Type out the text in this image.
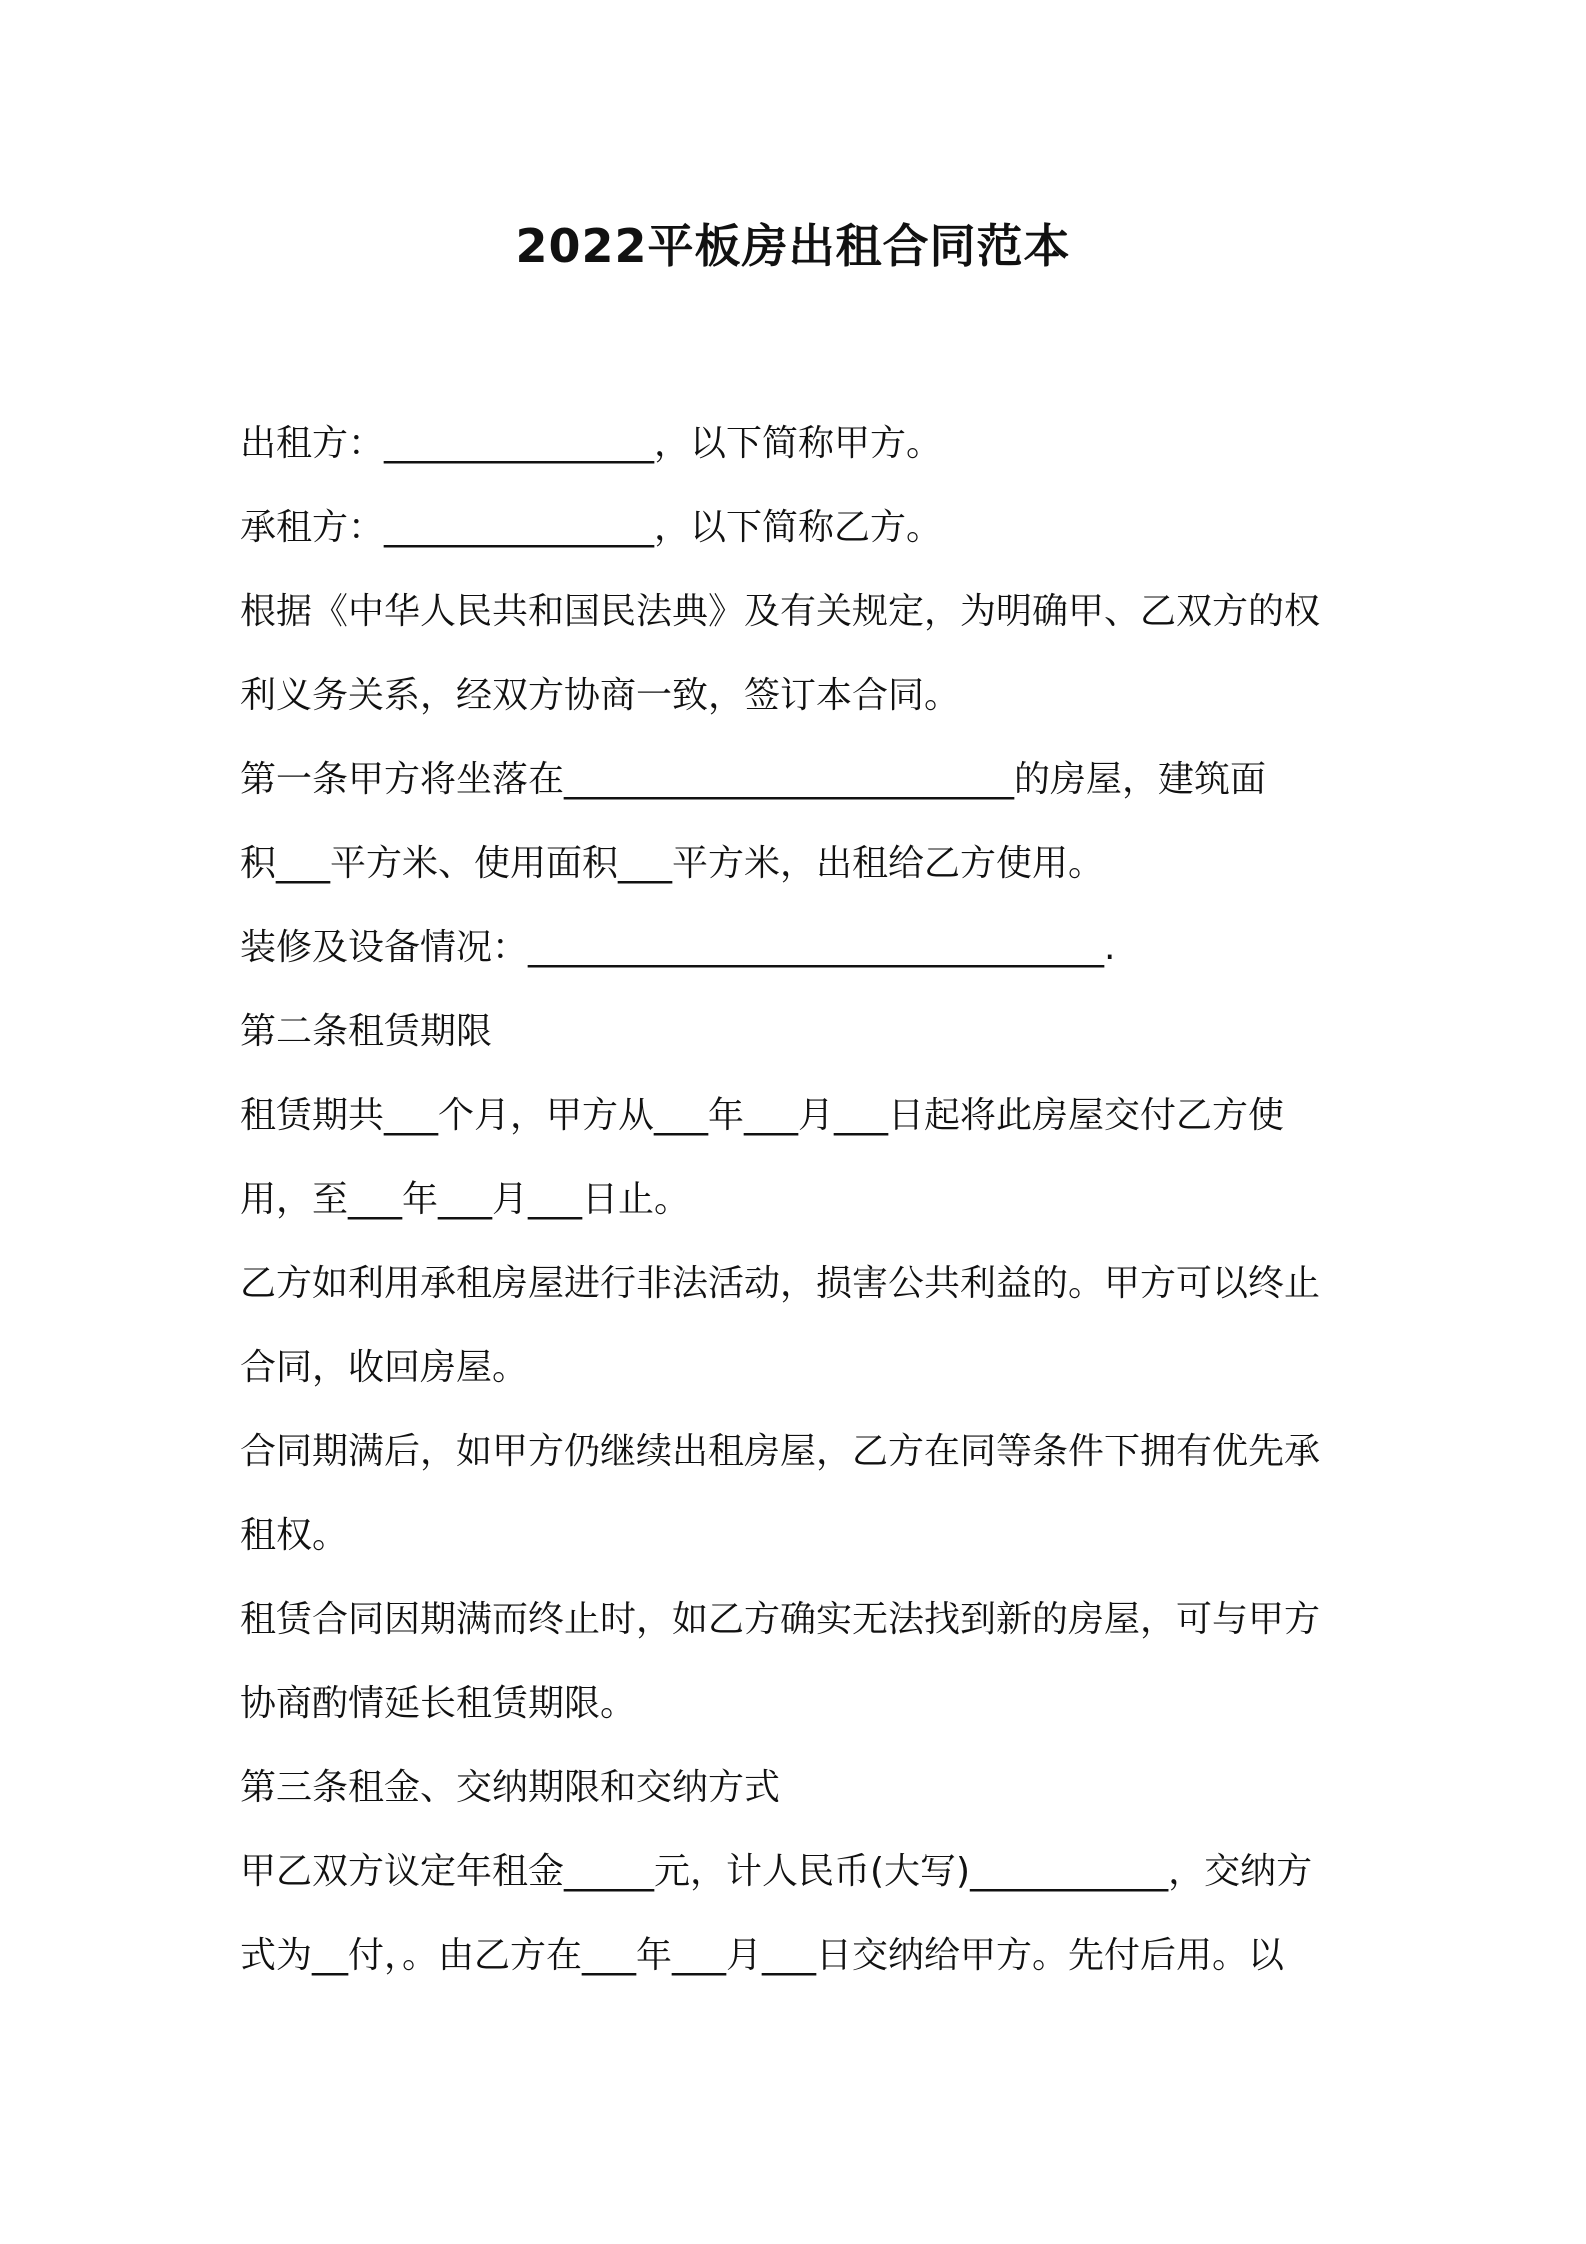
2022平板房出租合同范本
出租方：_______________，以下简称甲方。
承租方：_______________，以下简称乙方。
根据《中华人民共和国民法典》及有关规定，为明确甲、乙双方的权
利义务关系，经双方协商一致，签订本合同。
第一条甲方将坐落在_________________________的房屋，建筑面
积___平方米、使用面积___平方米，出租给乙方使用。
装修及设备情况：________________________________.
第二条租赁期限
租赁期共___个月，甲方从___年___月___日起将此房屋交付乙方使
用，至___年___月___日止。
乙方如利用承租房屋进行非法活动，损害公共利益的。甲方可以终止
合同，收回房屋。
合同期满后，如甲方仍继续出租房屋，乙方在同等条件下拥有优先承
租权。
租赁合同因期满而终止时，如乙方确实无法找到新的房屋，可与甲方
协商酌情延长租赁期限。
第三条租金、交纳期限和交纳方式
甲乙双方议定年租金_____元，计人民币(大写)___________，交纳方
式为__付，。由乙方在___年___月___日交纳给甲方。先付后用。以
